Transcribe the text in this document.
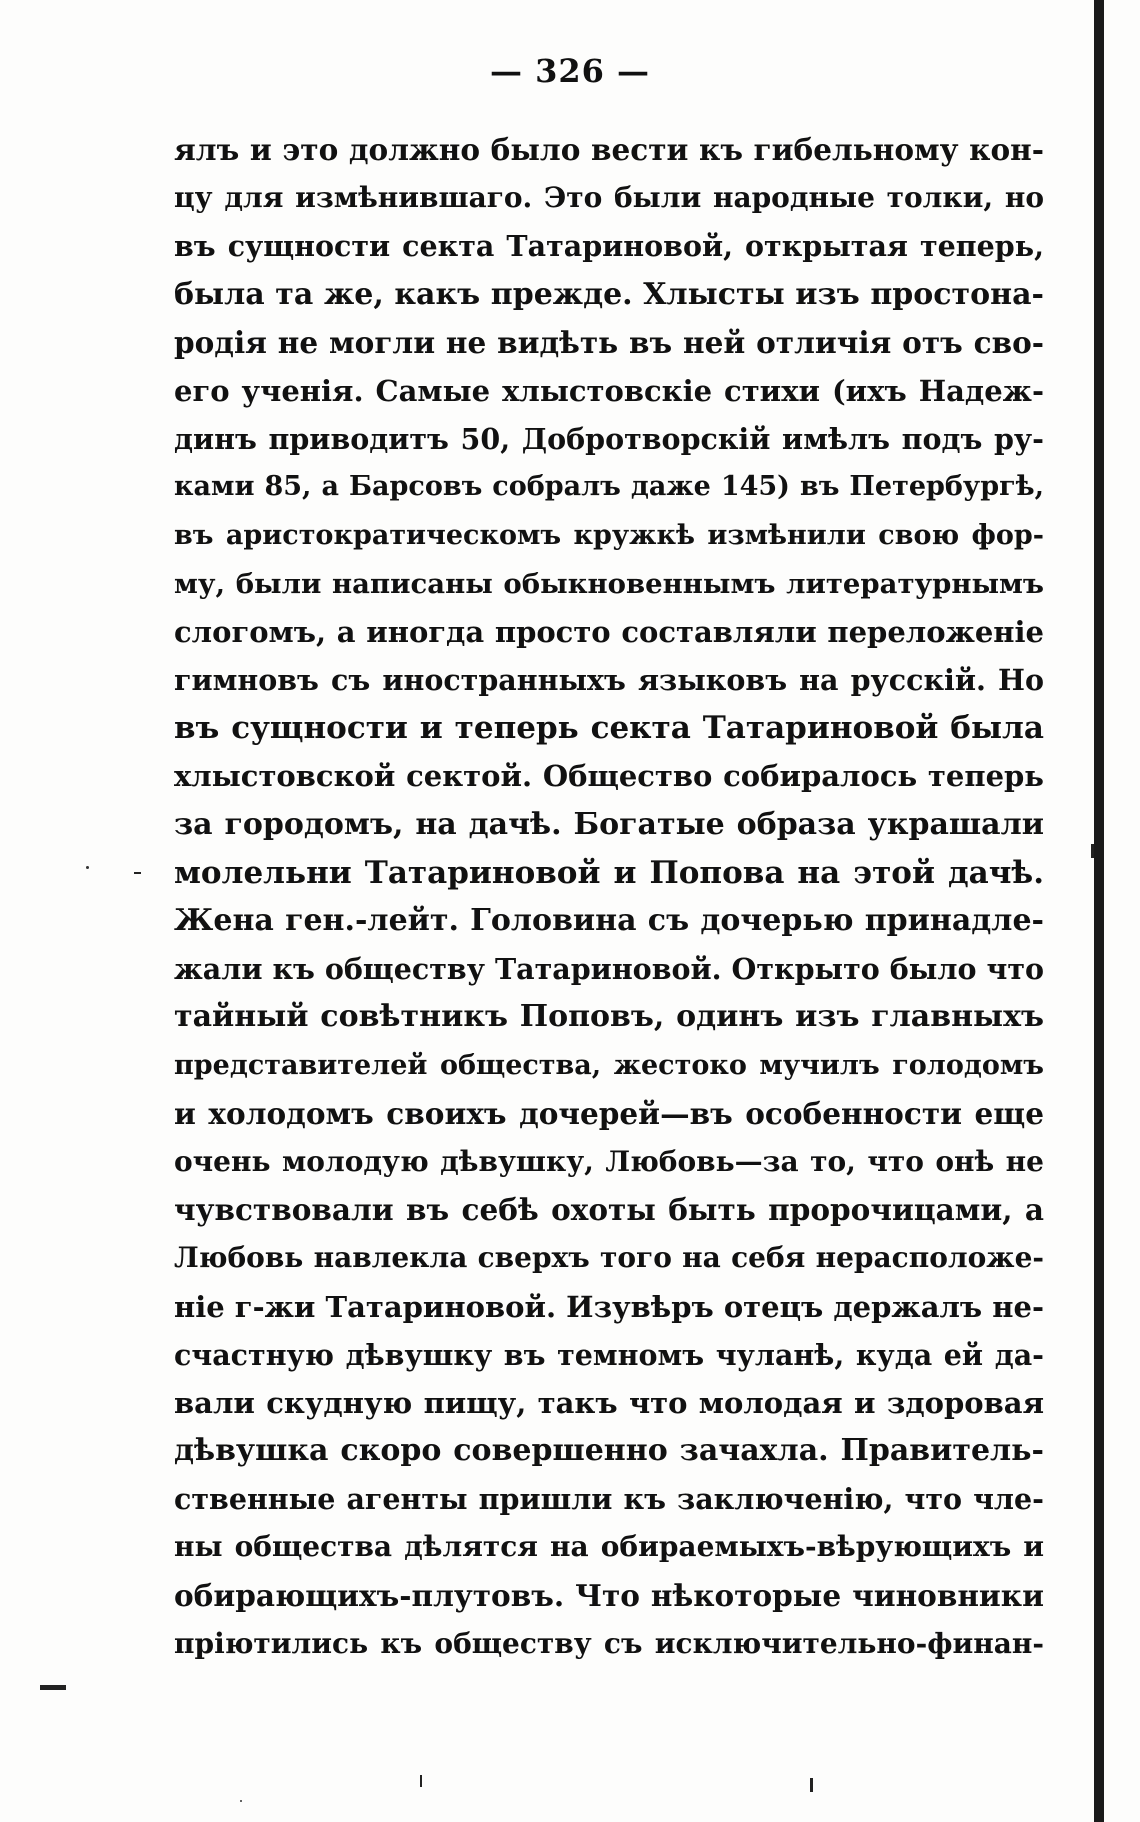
— 326 —
ялъ и это должно было вести къ гибельному кон-
цу для измѣнившаго. Это были народные толки, но
въ сущности секта Татариновой, открытая теперь,
была та же, какъ прежде. Хлысты изъ простона-
родія не могли не видѣть въ ней отличія отъ сво-
его ученія. Самые хлыстовскіе стихи (ихъ Надеж-
динъ приводитъ 50, Добротворскій имѣлъ подъ ру-
ками 85, а Барсовъ собралъ даже 145) въ Петербургѣ,
въ аристократическомъ кружкѣ измѣнили свою фор-
му, были написаны обыкновеннымъ литературнымъ
слогомъ, а иногда просто составляли переложеніе
гимновъ съ иностранныхъ языковъ на русскій. Но
въ сущности и теперь секта Татариновой была
хлыстовской сектой. Общество собиралось теперь
за городомъ, на дачѣ. Богатые образа украшали
молельни Татариновой и Попова на этой дачѣ.
Жена ген.-лейт. Головина съ дочерью принадле-
жали къ обществу Татариновой. Открыто было что
тайный совѣтникъ Поповъ, одинъ изъ главныхъ
представителей общества, жестоко мучилъ голодомъ
и холодомъ своихъ дочерей—въ особенности еще
очень молодую дѣвушку, Любовь—за то, что онѣ не
чувствовали въ себѣ охоты быть пророчицами, а
Любовь навлекла сверхъ того на себя нерасположе-
ніе г-жи Татариновой. Изувѣръ отецъ держалъ не-
счастную дѣвушку въ темномъ чуланѣ, куда ей да-
вали скудную пищу, такъ что молодая и здоровая
дѣвушка скоро совершенно зачахла. Правитель-
ственные агенты пришли къ заключенію, что чле-
ны общества дѣлятся на обираемыхъ-вѣрующихъ и
обирающихъ-плутовъ. Что нѣкоторые чиновники
пріютились къ обществу съ исключительно-финан-
